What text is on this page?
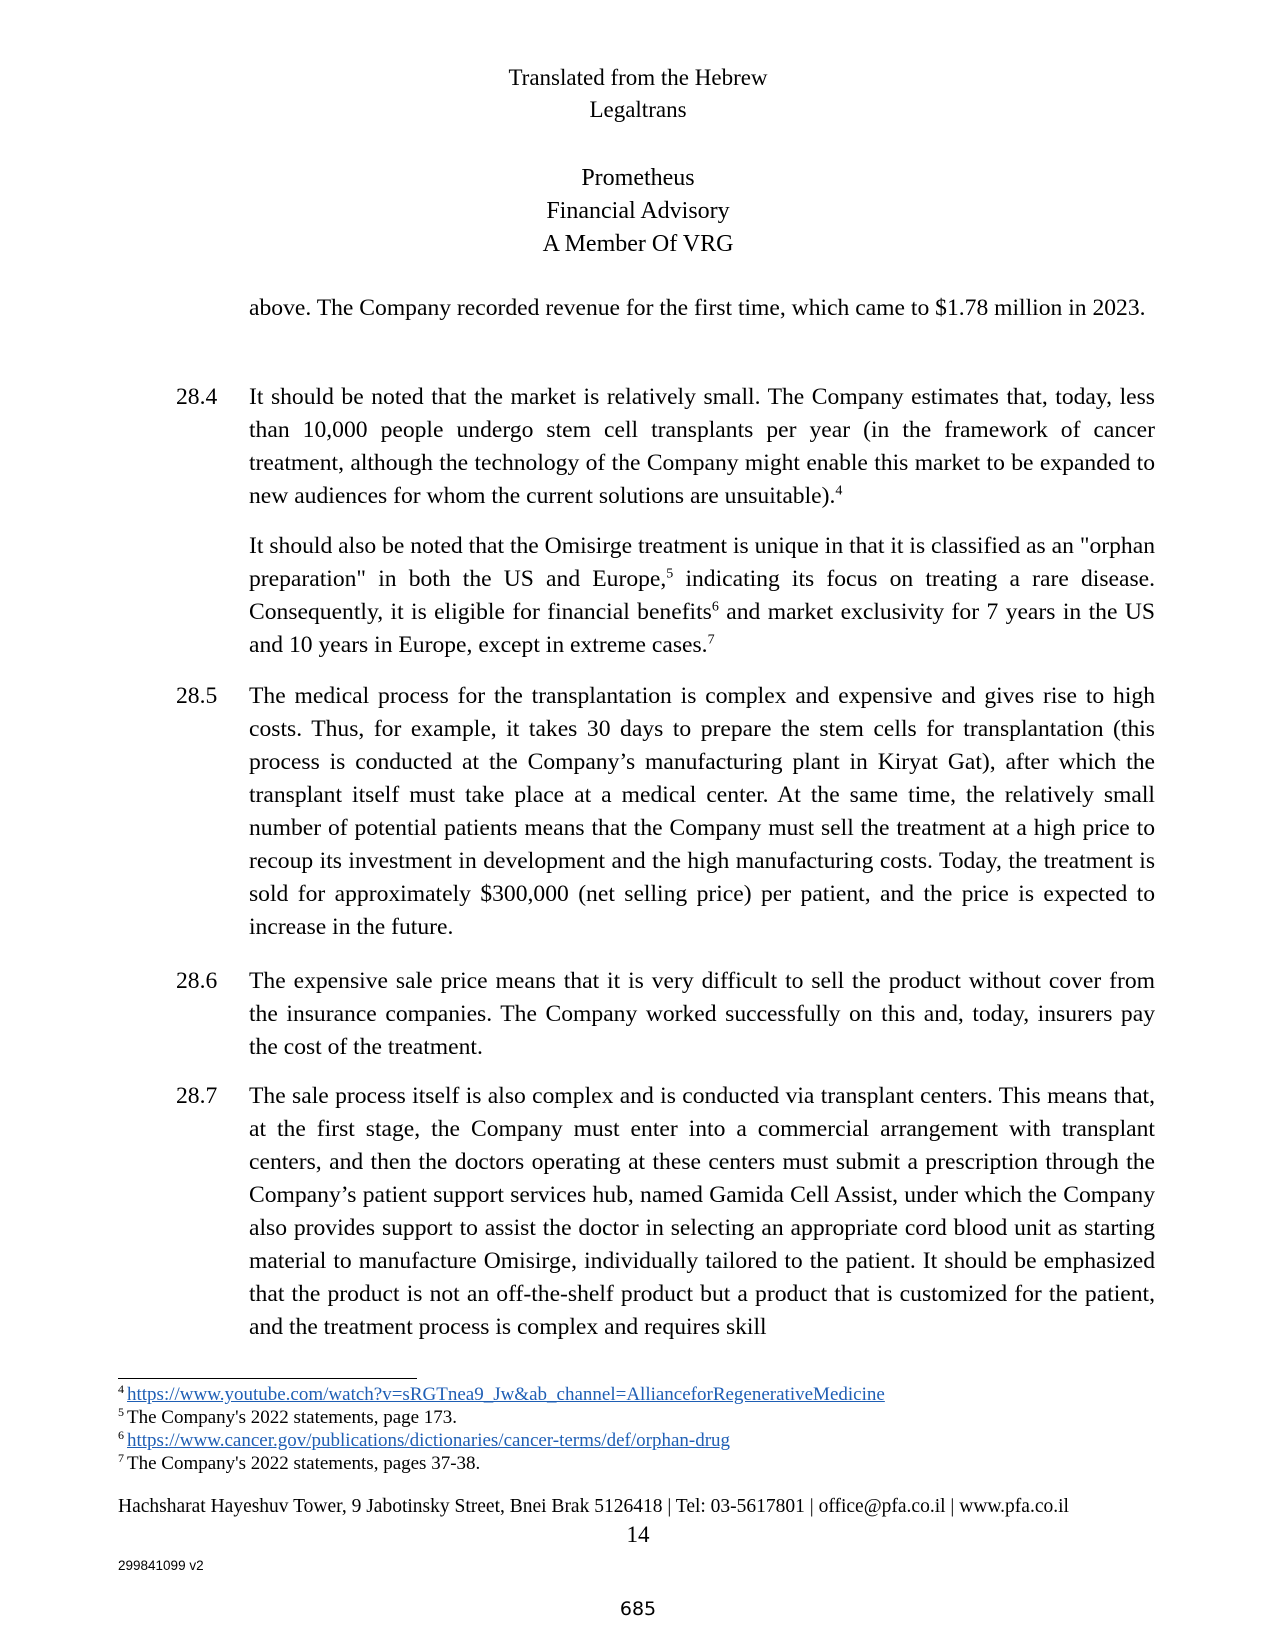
Translated from the Hebrew
Legaltrans
Prometheus
Financial Advisory
A Member Of VRG

above. The Company recorded revenue for the first time, which came to $1.78 million in 2023.

28.4 It should be noted that the market is relatively small. The Company estimates that, today, less than 10,000 people undergo stem cell transplants per year (in the framework of cancer treatment, although the technology of the Company might enable this market to be expanded to new audiences for whom the current solutions are unsuitable).$^4$

It should also be noted that the Omisirge treatment is unique in that it is classified as an "orphan preparation" in both the US and Europe,$^5$ indicating its focus on treating a rare disease. Consequently, it is eligible for financial benefits$^6$ and market exclusivity for 7 years in the US and 10 years in Europe, except in extreme cases.$^7$

28.5 The medical process for the transplantation is complex and expensive and gives rise to high costs. Thus, for example, it takes 30 days to prepare the stem cells for transplantation (this process is conducted at the Company’s manufacturing plant in Kiryat Gat), after which the transplant itself must take place at a medical center. At the same time, the relatively small number of potential patients means that the Company must sell the treatment at a high price to recoup its investment in development and the high manufacturing costs. Today, the treatment is sold for approximately $300,000 (net selling price) per patient, and the price is expected to increase in the future.

28.6 The expensive sale price means that it is very difficult to sell the product without cover from the insurance companies. The Company worked successfully on this and, today, insurers pay the cost of the treatment.

28.7 The sale process itself is also complex and is conducted via transplant centers. This means that, at the first stage, the Company must enter into a commercial arrangement with transplant centers, and then the doctors operating at these centers must submit a prescription through the Company’s patient support services hub, named Gamida Cell Assist, under which the Company also provides support to assist the doctor in selecting an appropriate cord blood unit as starting material to manufacture Omisirge, individually tailored to the patient. It should be emphasized that the product is not an off-the-shelf product but a product that is customized for the patient, and the treatment process is complex and requires skill

$^4$ https://www.youtube.com/watch?v=sRGTnea9_Jw&ab_channel=AllianceforRegenerativeMedicine
$^5$ The Company's 2022 statements, page 173.
$^6$ https://www.cancer.gov/publications/dictionaries/cancer-terms/def/orphan-drug
$^7$ The Company's 2022 statements, pages 37-38.
Hachsharat Hayeshuv Tower, 9 Jabotinsky Street, Bnei Brak 5126418 | Tel: 03-5617801 | office@pfa.co.il | www.pfa.co.il
14
299841099 v2
685
